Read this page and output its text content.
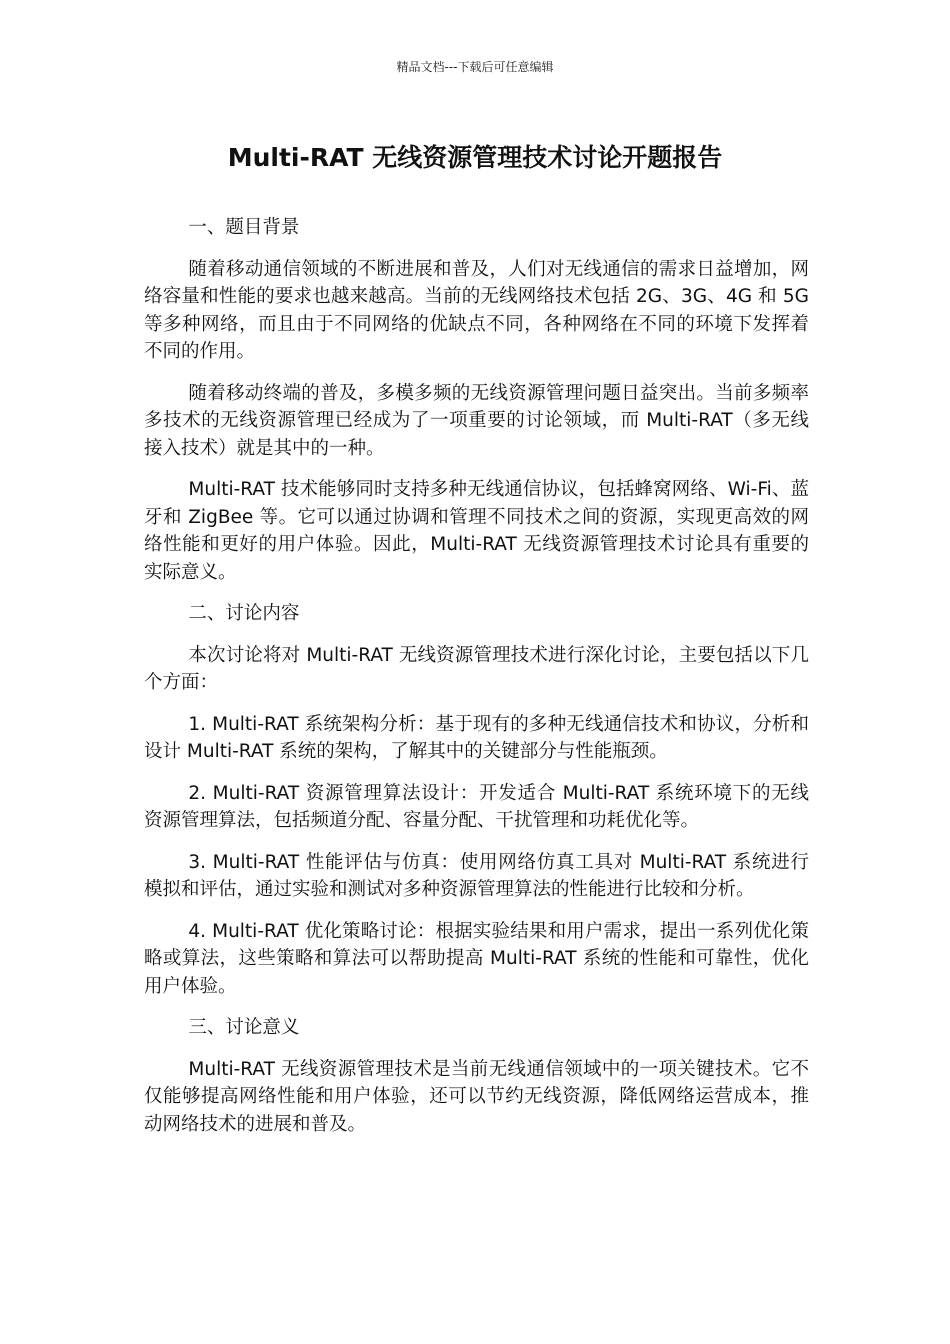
精品文档---下载后可任意编辑
Multi-RAT 无线资源管理技术讨论开题报告
一、题目背景

随着移动通信领域的不断进展和普及，人们对无线通信的需求日益增加，网络容量和性能的要求也越来越高。当前的无线网络技术包括 2G、3G、4G 和 5G 等多种网络，而且由于不同网络的优缺点不同，各种网络在不同的环境下发挥着不同的作用。

随着移动终端的普及，多模多频的无线资源管理问题日益突出。当前多频率多技术的无线资源管理已经成为了一项重要的讨论领域，而 Multi-RAT（多无线接入技术）就是其中的一种。

Multi-RAT 技术能够同时支持多种无线通信协议，包括蜂窝网络、Wi-Fi、蓝牙和 ZigBee 等。它可以通过协调和管理不同技术之间的资源，实现更高效的网络性能和更好的用户体验。因此，Multi-RAT 无线资源管理技术讨论具有重要的实际意义。

二、讨论内容

本次讨论将对 Multi-RAT 无线资源管理技术进行深化讨论，主要包括以下几个方面：

1. Multi-RAT 系统架构分析：基于现有的多种无线通信技术和协议，分析和设计 Multi-RAT 系统的架构，了解其中的关键部分与性能瓶颈。

2. Multi-RAT 资源管理算法设计：开发适合 Multi-RAT 系统环境下的无线资源管理算法，包括频道分配、容量分配、干扰管理和功耗优化等。

3. Multi-RAT 性能评估与仿真：使用网络仿真工具对 Multi-RAT 系统进行模拟和评估，通过实验和测试对多种资源管理算法的性能进行比较和分析。

4. Multi-RAT 优化策略讨论：根据实验结果和用户需求，提出一系列优化策略或算法，这些策略和算法可以帮助提高 Multi-RAT 系统的性能和可靠性，优化用户体验。

三、讨论意义

Multi-RAT 无线资源管理技术是当前无线通信领域中的一项关键技术。它不仅能够提高网络性能和用户体验，还可以节约无线资源，降低网络运营成本，推动网络技术的进展和普及。
